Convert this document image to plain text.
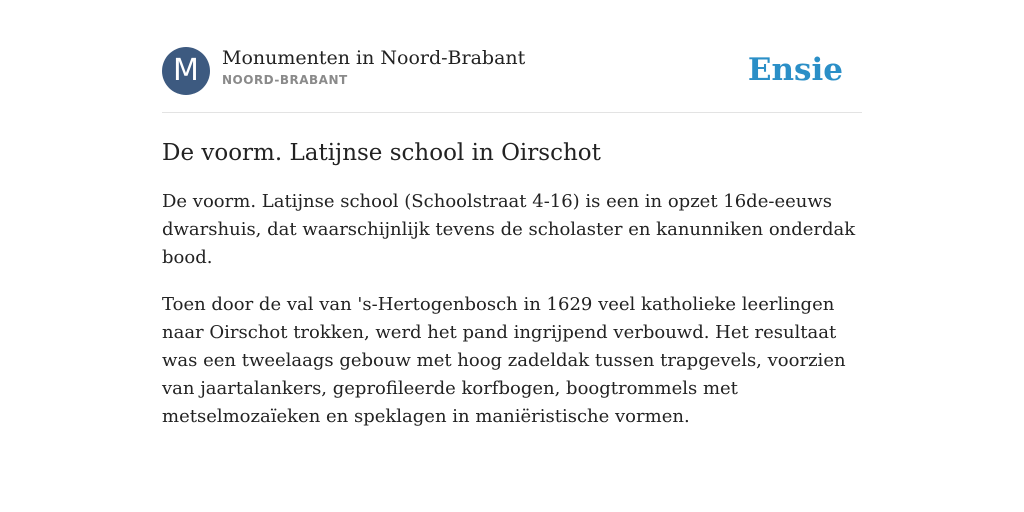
M	Monumenten in Noord-Brabant
NOORD-BRABANT	Ensie
De voorm. Latijnse school in Oirschot

De voorm. Latijnse school (Schoolstraat 4-16) is een in opzet 16de-eeuws dwarshuis, dat waarschijnlijk tevens de scholaster en kanunniken onderdak bood.

Toen door de val van 's-Hertogenbosch in 1629 veel katholieke leerlingen naar Oirschot trokken, werd het pand ingrijpend verbouwd. Het resultaat was een tweelaags gebouw met hoog zadeldak tussen trapgevels, voorzien van jaartalankers, geprofileerde korfbogen, boogtrommels met metselmozaïeken en speklagen in maniëristische vormen.
